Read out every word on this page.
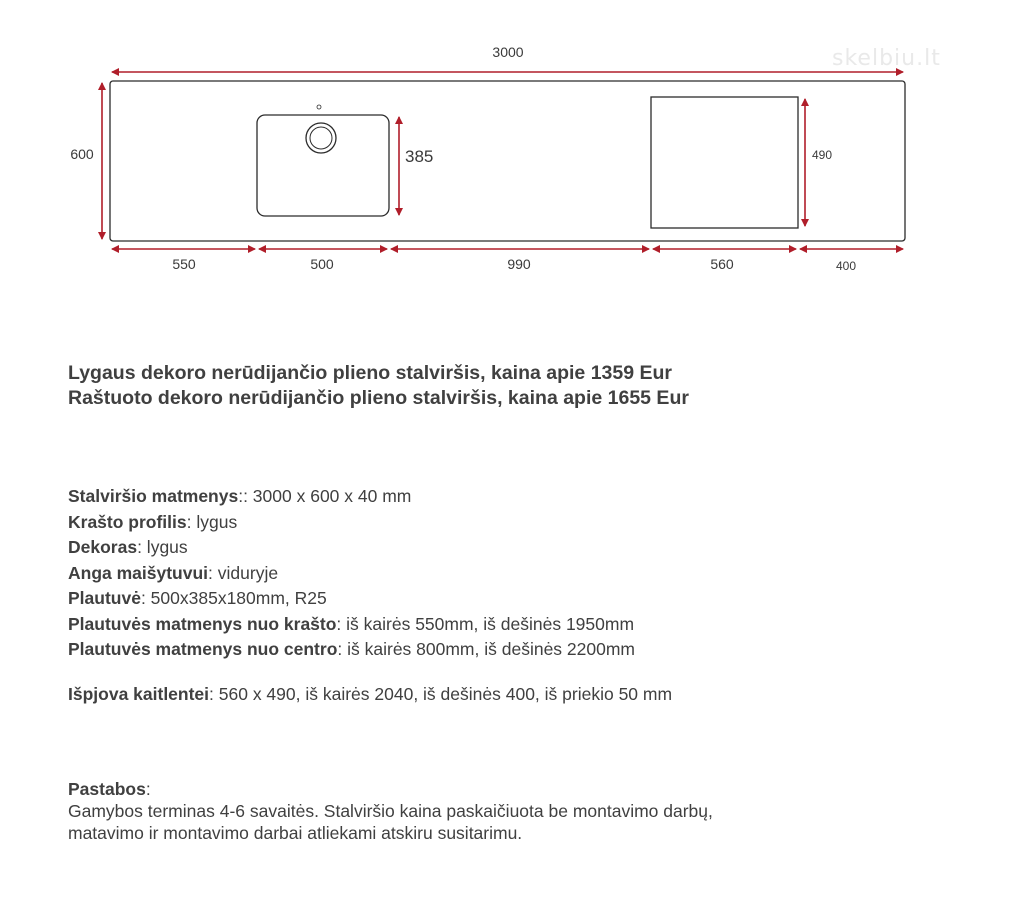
skelbiu.lt
3000
600	385	490
550	500	990	560	400
Lygaus dekoro nerūdijančio plieno stalviršis, kaina apie 1359 Eur
Raštuoto dekoro nerūdijančio plieno stalviršis, kaina apie 1655 Eur
Stalviršio matmenys:: 3000 x 600 x 40 mm
Krašto profilis: lygus
Dekoras: lygus
Anga maišytuvui: viduryje
Plautuvė: 500x385x180mm, R25
Plautuvės matmenys nuo krašto: iš kairės 550mm, iš dešinės 1950mm
Plautuvės matmenys nuo centro: iš kairės 800mm, iš dešinės 2200mm
Išpjova kaitlentei: 560 x 490, iš kairės 2040, iš dešinės 400, iš priekio 50 mm
Pastabos:
Gamybos terminas 4-6 savaitės. Stalviršio kaina paskaičiuota be montavimo darbų,
matavimo ir montavimo darbai atliekami atskiru susitarimu.
